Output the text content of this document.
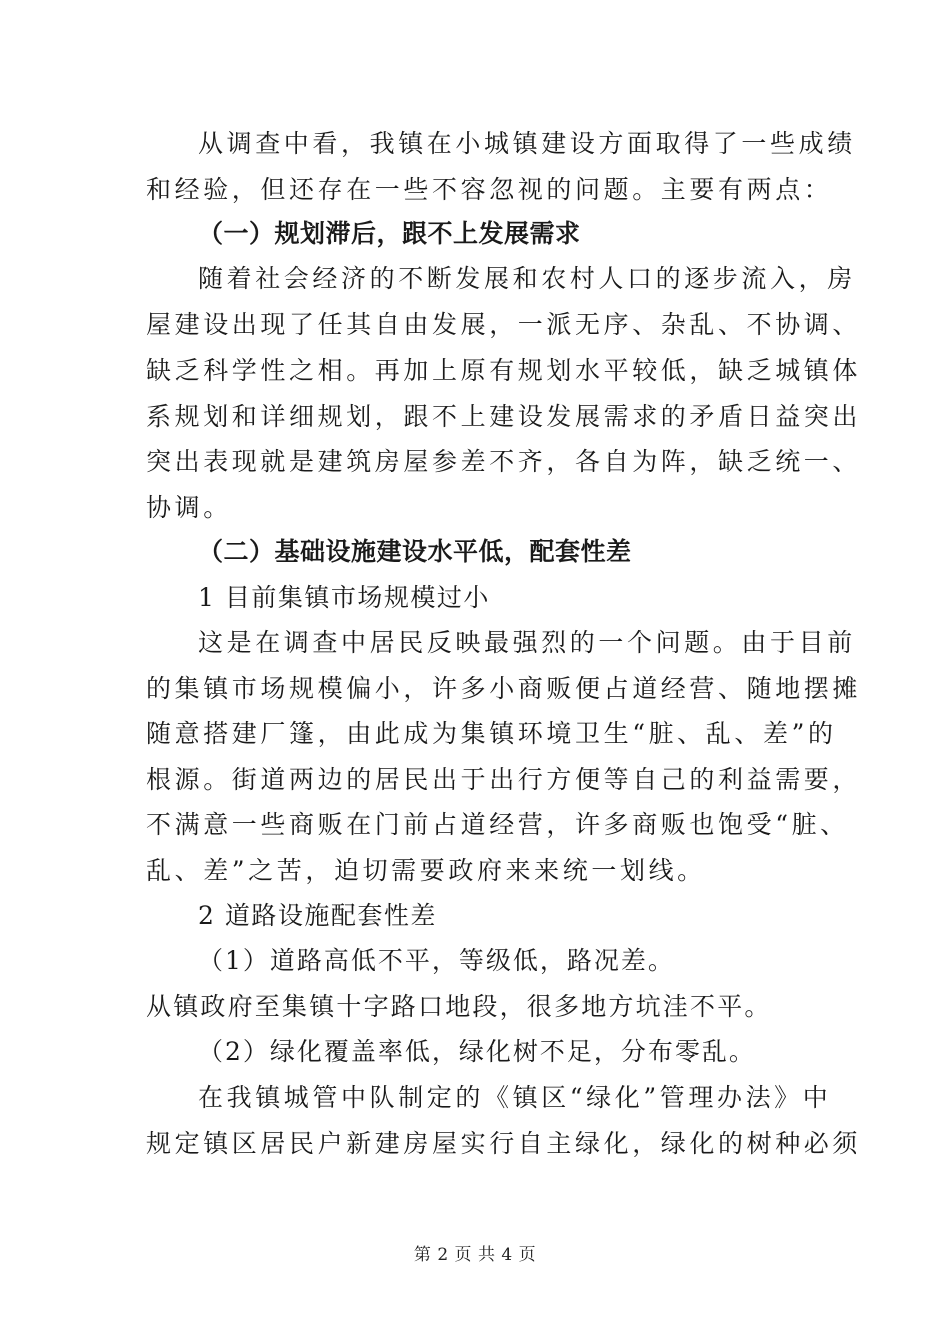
从调查中看，我镇在小城镇建设方面取得了一些成绩
和经验，但还存在一些不容忽视的问题。主要有两点：
（一）规划滞后，跟不上发展需求
随着社会经济的不断发展和农村人口的逐步流入，房
屋建设出现了任其自由发展，一派无序、杂乱、不协调、
缺乏科学性之相。再加上原有规划水平较低，缺乏城镇体
系规划和详细规划，跟不上建设发展需求的矛盾日益突出
突出表现就是建筑房屋参差不齐，各自为阵，缺乏统一、
协调。
（二）基础设施建设水平低，配套性差
1 目前集镇市场规模过小
这是在调查中居民反映最强烈的一个问题。由于目前
的集镇市场规模偏小，许多小商贩便占道经营、随地摆摊
随意搭建厂篷，由此成为集镇环境卫生“脏、乱、差”的
根源。街道两边的居民出于出行方便等自己的利益需要，
不满意一些商贩在门前占道经营，许多商贩也饱受“脏、
乱、差”之苦，迫切需要政府来来统一划线。
2 道路设施配套性差
（1）道路高低不平，等级低，路况差。
从镇政府至集镇十字路口地段，很多地方坑洼不平。
（2）绿化覆盖率低，绿化树不足，分布零乱。
在我镇城管中队制定的《镇区“绿化”管理办法》中
规定镇区居民户新建房屋实行自主绿化，绿化的树种必须
第 2 页 共 4 页
